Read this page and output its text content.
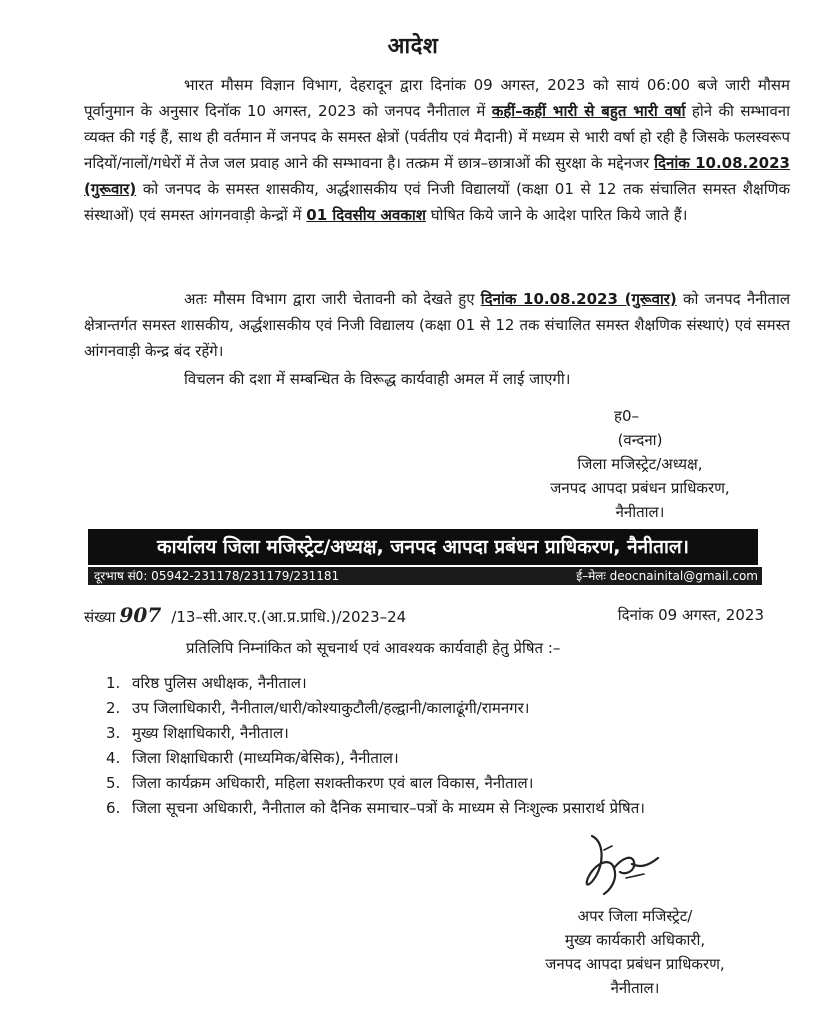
आदेश

भारत मौसम विज्ञान विभाग, देहरादून द्वारा दिनांक 09 अगस्त, 2023 को सायं 06:00 बजे जारी मौसम पूर्वानुमान के अनुसार दिनॉक 10 अगस्त, 2023 को जनपद नैनीताल में कहीं–कहीं भारी से बहुत भारी वर्षा होने की सम्भावना व्यक्त की गई हैं, साथ ही वर्तमान में जनपद के समस्त क्षेत्रों (पर्वतीय एवं मैदानी) में मध्यम से भारी वर्षा हो रही है जिसके फलस्वरूप नदियों/नालों/गधेरों में तेज जल प्रवाह आने की सम्भावना है। तत्क्रम में छात्र–छात्राओं की सुरक्षा के मद्देनजर दिनांक 10.08.2023 (गुरूवार) को जनपद के समस्त शासकीय, अर्द्धशासकीय एवं निजी विद्यालयों (कक्षा 01 से 12 तक संचालित समस्त शैक्षणिक संस्थाओं) एवं समस्त आंगनवाड़ी केन्द्रों में 01 दिवसीय अवकाश घोषित किये जाने के आदेश पारित किये जाते हैं।

अतः मौसम विभाग द्वारा जारी चेतावनी को देखते हुए दिनांक 10.08.2023 (गुरूवार) को जनपद नैनीताल क्षेत्रान्तर्गत समस्त शासकीय, अर्द्धशासकीय एवं निजी विद्यालय (कक्षा 01 से 12 तक संचालित समस्त शैक्षणिक संस्थाएं) एवं समस्त आंगनवाड़ी केन्द्र बंद रहेंगे।

विचलन की दशा में सम्बन्धित के विरूद्ध कार्यवाही अमल में लाई जाएगी।

ह0–
(वन्दना)
जिला मजिस्ट्रेट/अध्यक्ष,
जनपद आपदा प्रबंधन प्राधिकरण,
नैनीताल।
कार्यालय जिला मजिस्ट्रेट/अध्यक्ष, जनपद आपदा प्रबंधन प्राधिकरण, नैनीताल।
दूरभाष सं0: 05942-231178/231179/231181	ई–मेलः deocnainital@gmail.com
संख्या 907 /13–सी.आर.ए.(आ.प्र.प्राधि.)/2023–24	दिनांक 09 अगस्त, 2023
प्रतिलिपि निम्नांकित को सूचनार्थ एवं आवश्यक कार्यवाही हेतु प्रेषित :–
1. वरिष्ठ पुलिस अधीक्षक, नैनीताल।
2. उप जिलाधिकारी, नैनीताल/धारी/कोश्याकुटौली/हल्द्वानी/कालाढूंगी/रामनगर।
3. मुख्य शिक्षाधिकारी, नैनीताल।
4. जिला शिक्षाधिकारी (माध्यमिक/बेसिक), नैनीताल।
5. जिला कार्यक्रम अधिकारी, महिला सशक्तीकरण एवं बाल विकास, नैनीताल।
6. जिला सूचना अधिकारी, नैनीताल को दैनिक समाचार–पत्रों के माध्यम से निःशुल्क प्रसारार्थ प्रेषित।
अपर जिला मजिस्ट्रेट/
मुख्य कार्यकारी अधिकारी,
जनपद आपदा प्रबंधन प्राधिकरण,
नैनीताल।
